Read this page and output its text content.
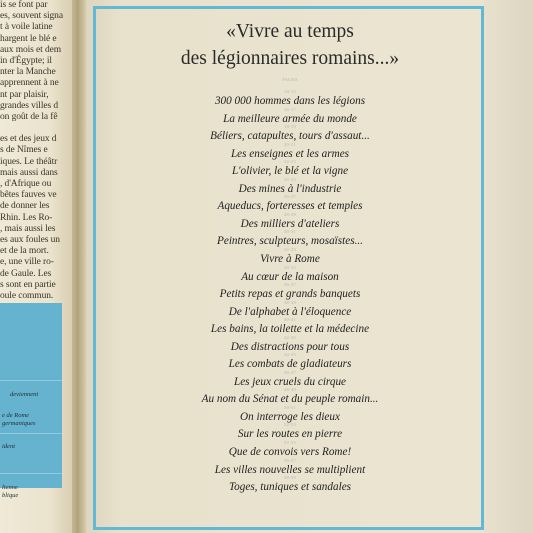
is se font par
es, souvent signa
t à voile latine
hargent le blé e
aux mois et dem
in d'Égypte; il
nter la Manche
apprennent à ne
nt par plaisir,
grandes villes d
on goût de la fê
es et des jeux d
s de Nîmes e
iques. Le théâtr
mais aussi dans
, d'Afrique ou
bêtes fauves ve
de donner les
Rhin. Les Ro-
, mais aussi les
es aux foules un
et de la mort.
e, une ville ro-
de Gaule. Les
s sont en partie
oule commun.
deviennent
e de Rome
germaniques
ident
lienne
blique
«Vivre au temps
des légionnaires romains...»
PAGES
14-15
300 000 hommes dans les légions
16-17
La meilleure armée du monde
18-19
Béliers, catapultes, tours d'assaut...
20-21
Les enseignes et les armes
22-23
L'olivier, le blé et la vigne
24-25
Des mines à l'industrie
26-27
Aqueducs, forteresses et temples
28-29
Des milliers d'ateliers
30-31
Peintres, sculpteurs, mosaïstes...
32-33
Vivre à Rome
34-35
Au cœur de la maison
36-37
Petits repas et grands banquets
38-39
De l'alphabet à l'éloquence
40-41
Les bains, la toilette et la médecine
42-43
Des distractions pour tous
44-45
Les combats de gladiateurs
46-47
Les jeux cruels du cirque
48-49
Au nom du Sénat et du peuple romain...
50-51
On interroge les dieux
52-53
Sur les routes en pierre
54-55
Que de convois vers Rome!
56-57
Les villes nouvelles se multiplient
58-59
Toges, tuniques et sandales
